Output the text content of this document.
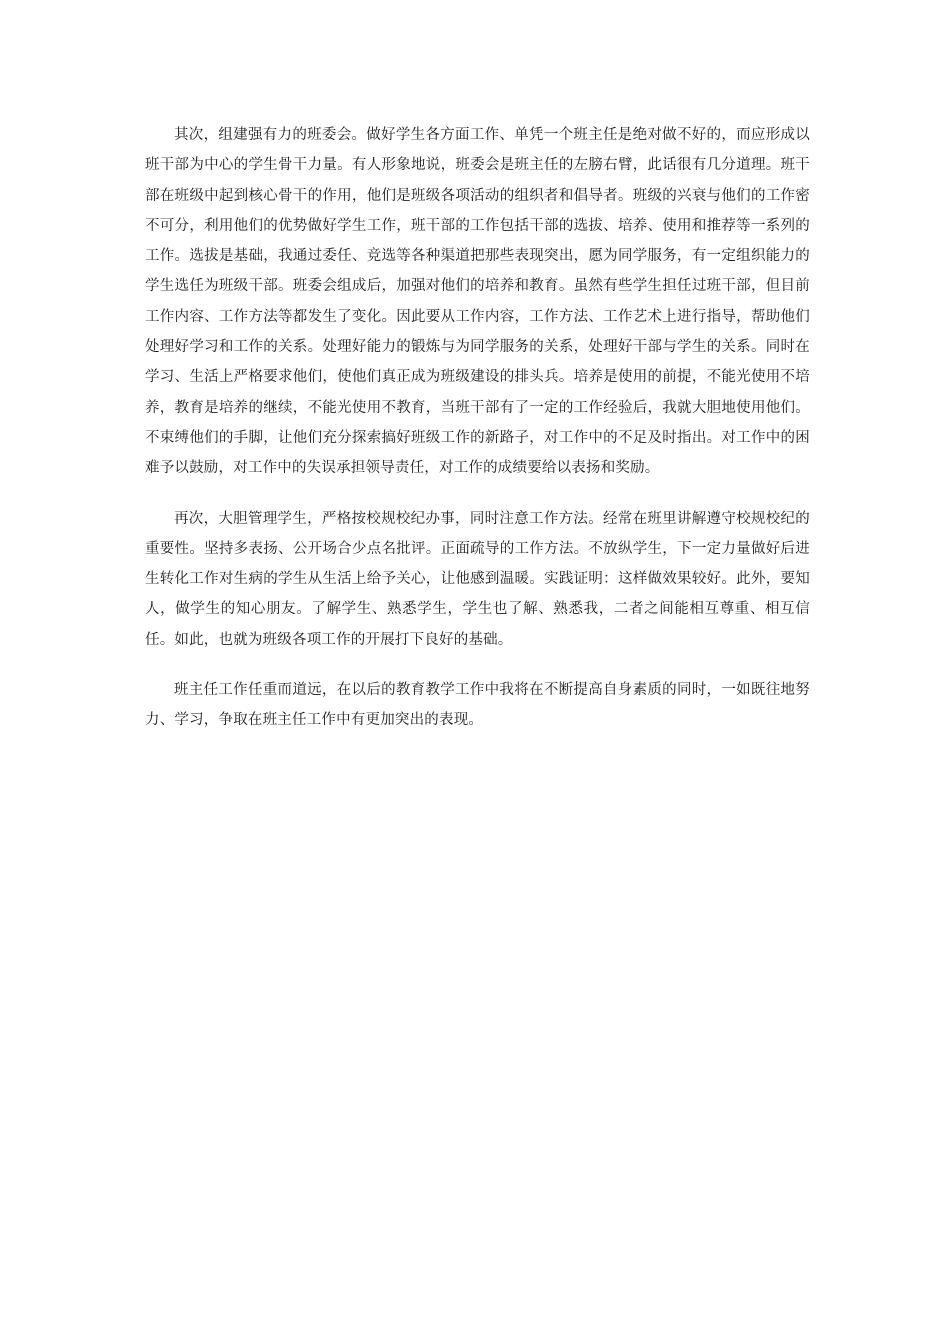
其次，组建强有力的班委会。做好学生各方面工作、单凭一个班主任是绝对做不好的，而应形成以班干部为中心的学生骨干力量。有人形象地说，班委会是班主任的左膀右臂，此话很有几分道理。班干部在班级中起到核心骨干的作用，他们是班级各项活动的组织者和倡导者。班级的兴衰与他们的工作密不可分，利用他们的优势做好学生工作，班干部的工作包括干部的选拔、培养、使用和推荐等一系列的工作。选拔是基础，我通过委任、竞选等各种渠道把那些表现突出，愿为同学服务，有一定组织能力的学生选任为班级干部。班委会组成后，加强对他们的培养和教育。虽然有些学生担任过班干部，但目前工作内容、工作方法等都发生了变化。因此要从工作内容，工作方法、工作艺术上进行指导，帮助他们处理好学习和工作的关系。处理好能力的锻炼与为同学服务的关系，处理好干部与学生的关系。同时在学习、生活上严格要求他们，使他们真正成为班级建设的排头兵。培养是使用的前提，不能光使用不培养，教育是培养的继续，不能光使用不教育，当班干部有了一定的工作经验后，我就大胆地使用他们。不束缚他们的手脚，让他们充分探索搞好班级工作的新路子，对工作中的不足及时指出。对工作中的困难予以鼓励，对工作中的失误承担领导责任，对工作的成绩要给以表扬和奖励。

再次，大胆管理学生，严格按校规校纪办事，同时注意工作方法。经常在班里讲解遵守校规校纪的重要性。坚持多表扬、公开场合少点名批评。正面疏导的工作方法。不放纵学生，下一定力量做好后进生转化工作对生病的学生从生活上给予关心，让他感到温暖。实践证明：这样做效果较好。此外，要知人，做学生的知心朋友。了解学生、熟悉学生，学生也了解、熟悉我，二者之间能相互尊重、相互信任。如此，也就为班级各项工作的开展打下良好的基础。

班主任工作任重而道远，在以后的教育教学工作中我将在不断提高自身素质的同时，一如既往地努力、学习，争取在班主任工作中有更加突出的表现。
